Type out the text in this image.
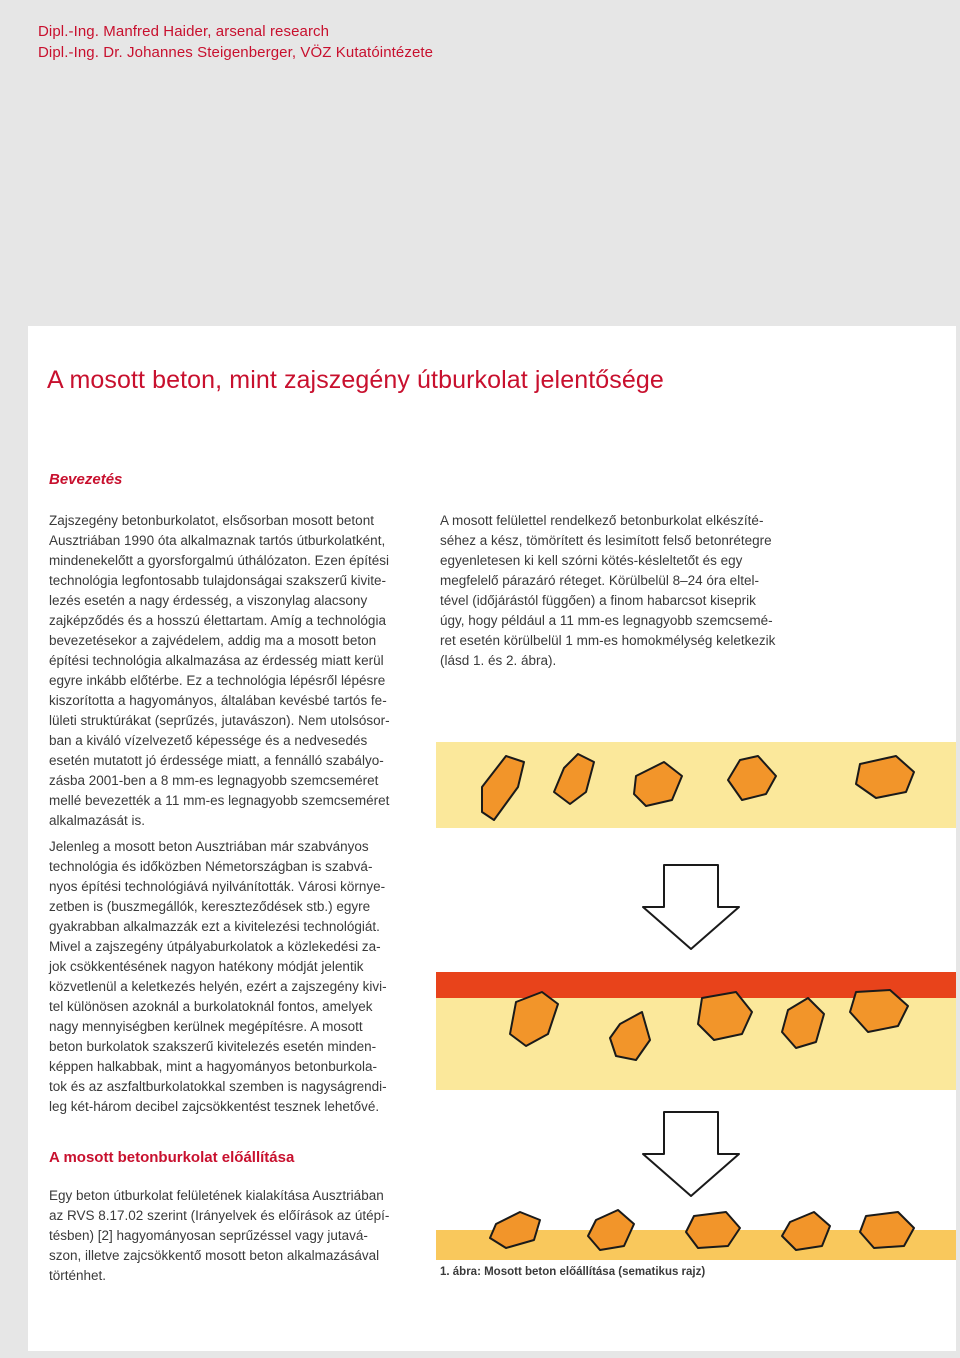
Dipl.-Ing. Manfred Haider, arsenal research
Dipl.-Ing. Dr. Johannes Steigenberger, VÖZ Kutatóintézete
A mosott beton, mint zajszegény útburkolat jelentősége
Bevezetés

Zajszegény betonburkolatot, elsősorban mosott betont
Ausztriában 1990 óta alkalmaznak tartós útburkolatként,
mindenekelőtt a gyorsforgalmú úthálózaton. Ezen építési
technológia legfontosabb tulajdonságai szakszerű kivite-
lezés esetén a nagy érdesség, a viszonylag alacsony
zajképződés és a hosszú élettartam. Amíg a technológia
bevezetésekor a zajvédelem, addig ma a mosott beton
építési technológia alkalmazása az érdesség miatt kerül
egyre inkább előtérbe. Ez a technológia lépésről lépésre
kiszorította a hagyományos, általában kevésbé tartós fe-
lületi struktúrákat (seprűzés, jutavászon). Nem utolsósor-
ban a kiváló vízelvezető képessége és a nedvesedés
esetén mutatott jó érdessége miatt, a fennálló szabályo-
zásba 2001-ben a 8 mm-es legnagyobb szemcseméret
mellé bevezették a 11 mm-es legnagyobb szemcseméret
alkalmazását is.

Jelenleg a mosott beton Ausztriában már szabványos
technológia és időközben Németországban is szabvá-
nyos építési technológiává nyilvánították. Városi környe-
zetben is (buszmegállók, kereszteződések stb.) egyre
gyakrabban alkalmazzák ezt a kivitelezési technológiát.
Mivel a zajszegény útpályaburkolatok a közlekedési za-
jok csökkentésének nagyon hatékony módját jelentik
közvetlenül a keletkezés helyén, ezért a zajszegény kivi-
tel különösen azoknál a burkolatoknál fontos, amelyek
nagy mennyiségben kerülnek megépítésre. A mosott
beton burkolatok szakszerű kivitelezés esetén minden-
képpen halkabbak, mint a hagyományos betonburkola-
tok és az aszfaltburkolatokkal szemben is nagyságrendi-
leg két-három decibel zajcsökkentést tesznek lehetővé.

A mosott betonburkolat előállítása

Egy beton útburkolat felületének kialakítása Ausztriában
az RVS 8.17.02 szerint (Irányelvek és előírások az útépí-
tésben) [2] hagyományosan seprűzéssel vagy jutavá-
szon, illetve zajcsökkentő mosott beton alkalmazásával
történhet.

A mosott felülettel rendelkező betonburkolat elkészíté-
séhez a kész, tömörített és lesimított felső betonrétegre
egyenletesen ki kell szórni kötés-késleltetőt és egy
megfelelő párazáró réteget. Körülbelül 8–24 óra eltel-
tével (időjárástól függően) a finom habarcsot kiseprik
úgy, hogy például a 11 mm-es legnagyobb szemcsemé-
ret esetén körülbelül 1 mm-es homokmélység keletkezik
(lásd 1. és 2. ábra).

1. ábra: Mosott beton előállítása (sematikus rajz)
